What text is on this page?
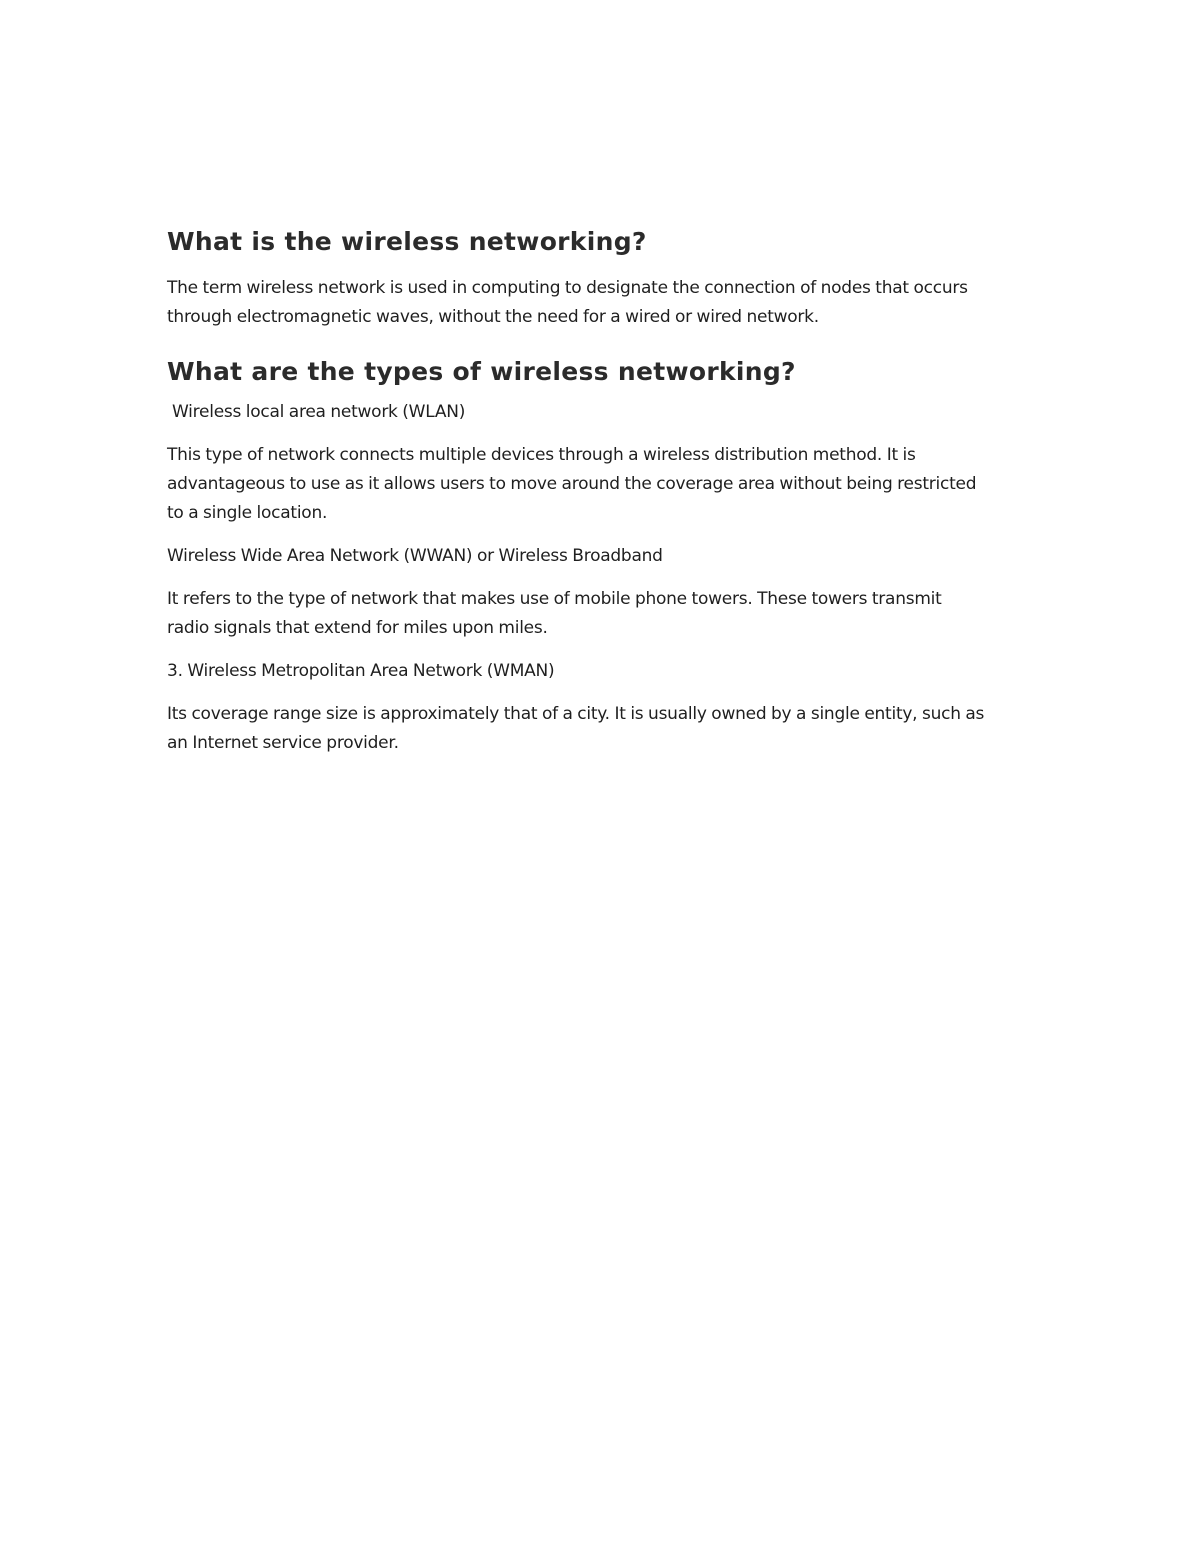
What is the wireless networking?
The term wireless network is used in computing to designate the connection of nodes that occurs
through electromagnetic waves, without the need for a wired or wired network.
What are the types of wireless networking?
Wireless local area network (WLAN)
This type of network connects multiple devices through a wireless distribution method. It is
advantageous to use as it allows users to move around the coverage area without being restricted
to a single location.
Wireless Wide Area Network (WWAN) or Wireless Broadband
It refers to the type of network that makes use of mobile phone towers. These towers transmit
radio signals that extend for miles upon miles.
3. Wireless Metropolitan Area Network (WMAN)
Its coverage range size is approximately that of a city. It is usually owned by a single entity, such as
an Internet service provider.
